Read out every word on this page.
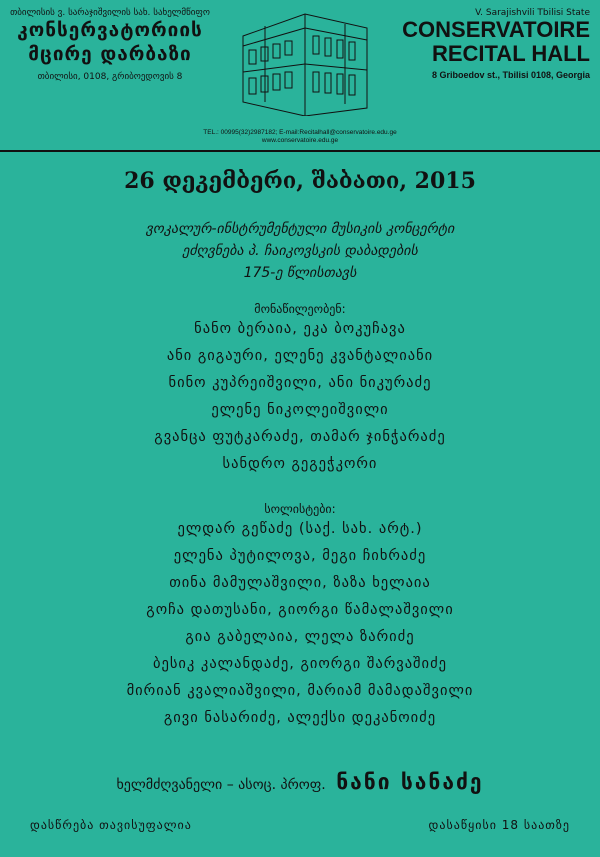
თბილისის ვ. სარაჯიშვილის სახ. სახელმწიფო
კონსერვატორიის
მცირე დარბაზი
თბილისი, 0108, გრიბოედოვის 8
V. Sarajishvili Tbilisi State
CONSERVATOIRE
RECITAL HALL
8 Griboedov st., Tbilisi 0108, Georgia
TEL.: 00995(32)2987182; E-mail:Recitalhall@conservatoire.edu.ge
www.conservatoire.edu.ge
26 დეკემბერი, შაბათი, 2015
ვოკალურ-ინსტრუმენტული მუსიკის კონცერტი
ეძღვნება პ. ჩაიკოვსკის დაბადების
175-ე წლისთავს
მონაწილეობენ:
ნანო ბერაია, ეკა ბოკუჩავა
ანი გიგაური, ელენე კვანტალიანი
ნინო კუპრეიშვილი, ანი ნიკურაძე
ელენე ნიკოლეიშვილი
გვანცა ფუტკარაძე, თამარ ჯინჭარაძე
სანდრო გეგეჭკორი
სოლისტები:
ელდარ გეწაძე (საქ. სახ. არტ.)
ელენა პუტილოვა, მეგი ჩიხრაძე
თინა მამულაშვილი, ზაზა ხელაია
გოჩა დათუსანი, გიორგი წამალაშვილი
გია გაბელაია, ლელა ზარიძე
ბესიკ კალანდაძე, გიორგი შარვაშიძე
მირიან კვალიაშვილი, მარიამ მამადაშვილი
გივი ნასარიძე, ალექსი დეკანოიძე
ხელმძღვანელი – ასოც. პროფ. ნანი სანაძე
დასწრება თავისუფალია	დასაწყისი 18 საათზე
